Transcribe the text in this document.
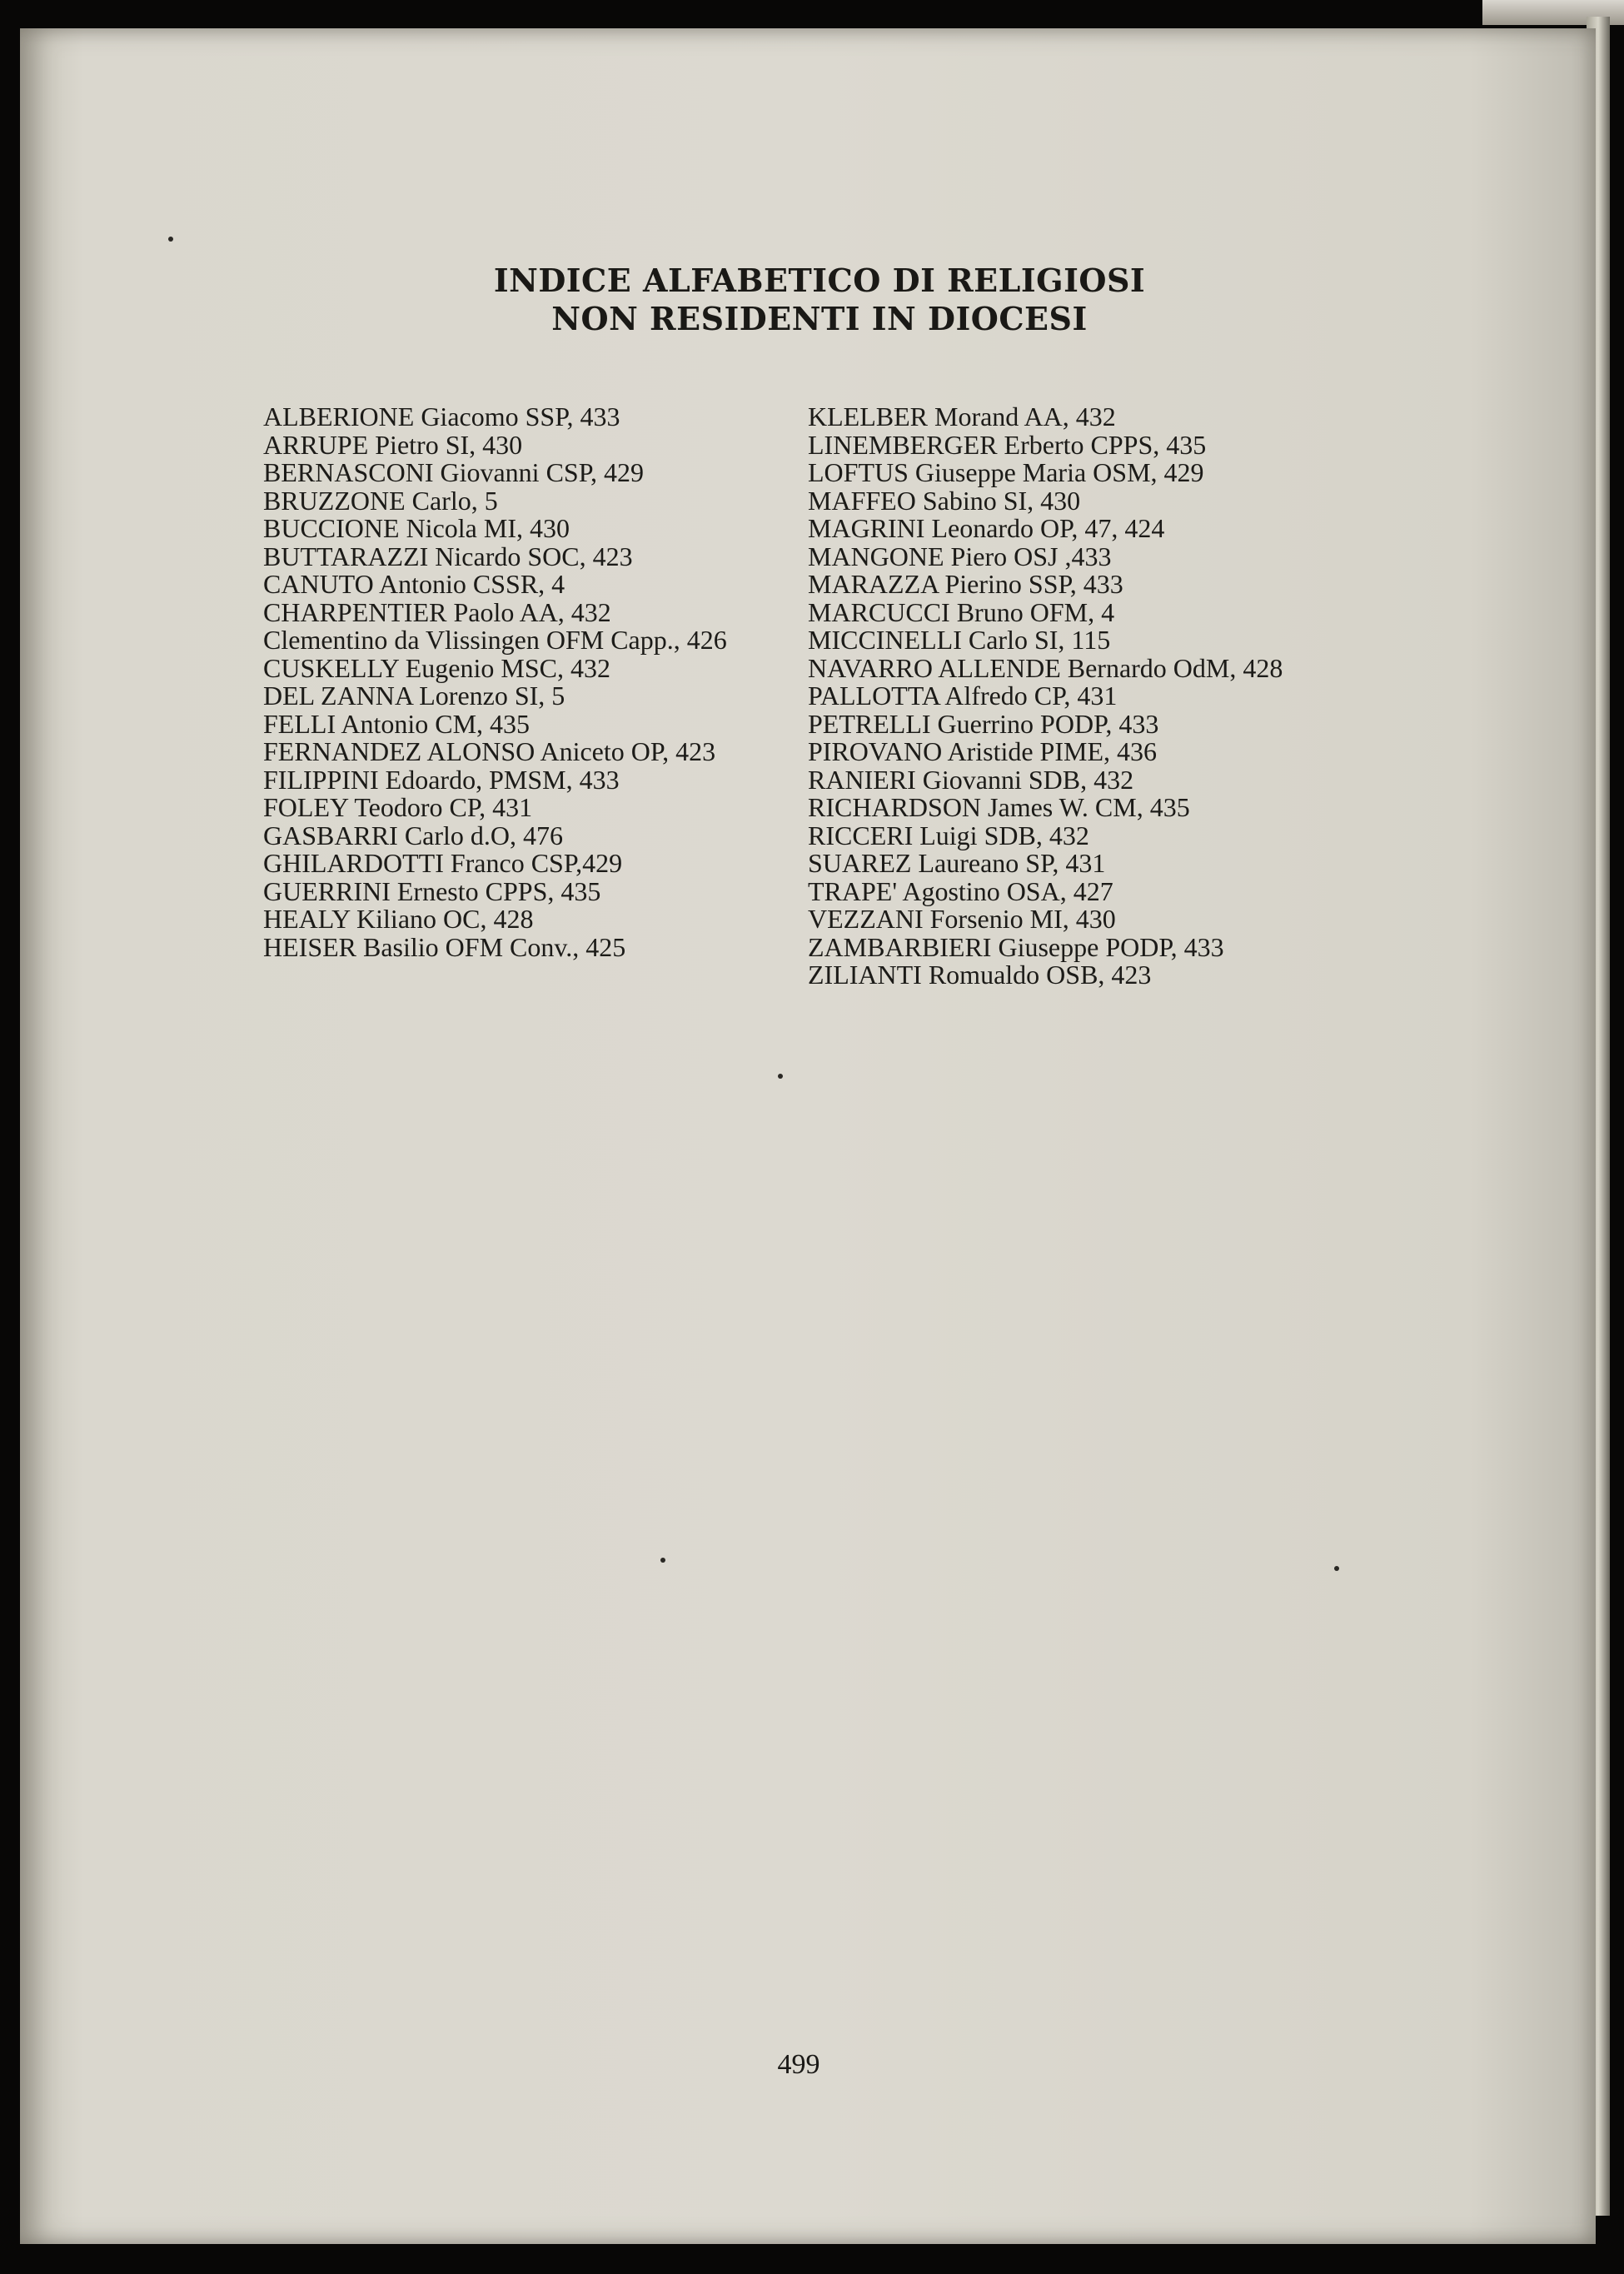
INDICE ALFABETICO DI RELIGIOSI
NON RESIDENTI IN DIOCESI

ALBERIONE Giacomo SSP, 433

ARRUPE Pietro SI, 430

BERNASCONI Giovanni CSP, 429

BRUZZONE Carlo, 5

BUCCIONE Nicola MI, 430

BUTTARAZZI Nicardo SOC, 423

CANUTO Antonio CSSR, 4

CHARPENTIER Paolo AA, 432

Clementino da Vlissingen OFM Capp., 426

CUSKELLY Eugenio MSC, 432

DEL ZANNA Lorenzo SI, 5

FELLI Antonio CM, 435

FERNANDEZ ALONSO Aniceto OP, 423

FILIPPINI Edoardo, PMSM, 433

FOLEY Teodoro CP, 431

GASBARRI Carlo d.O, 476

GHILARDOTTI Franco CSP,429

GUERRINI Ernesto CPPS, 435

HEALY Kiliano OC, 428

HEISER Basilio OFM Conv., 425

KLELBER Morand AA, 432

LINEMBERGER Erberto CPPS, 435

LOFTUS Giuseppe Maria OSM, 429

MAFFEO Sabino SI, 430

MAGRINI Leonardo OP, 47, 424

MANGONE Piero OSJ ,433

MARAZZA Pierino SSP, 433

MARCUCCI Bruno OFM, 4

MICCINELLI Carlo SI, 115

NAVARRO ALLENDE Bernardo OdM, 428

PALLOTTA Alfredo CP, 431

PETRELLI Guerrino PODP, 433

PIROVANO Aristide PIME, 436

RANIERI Giovanni SDB, 432

RICHARDSON James W. CM, 435

RICCERI Luigi SDB, 432

SUAREZ Laureano SP, 431

TRAPE' Agostino OSA, 427

VEZZANI Forsenio MI, 430

ZAMBARBIERI Giuseppe PODP, 433

ZILIANTI Romualdo OSB, 423

499
